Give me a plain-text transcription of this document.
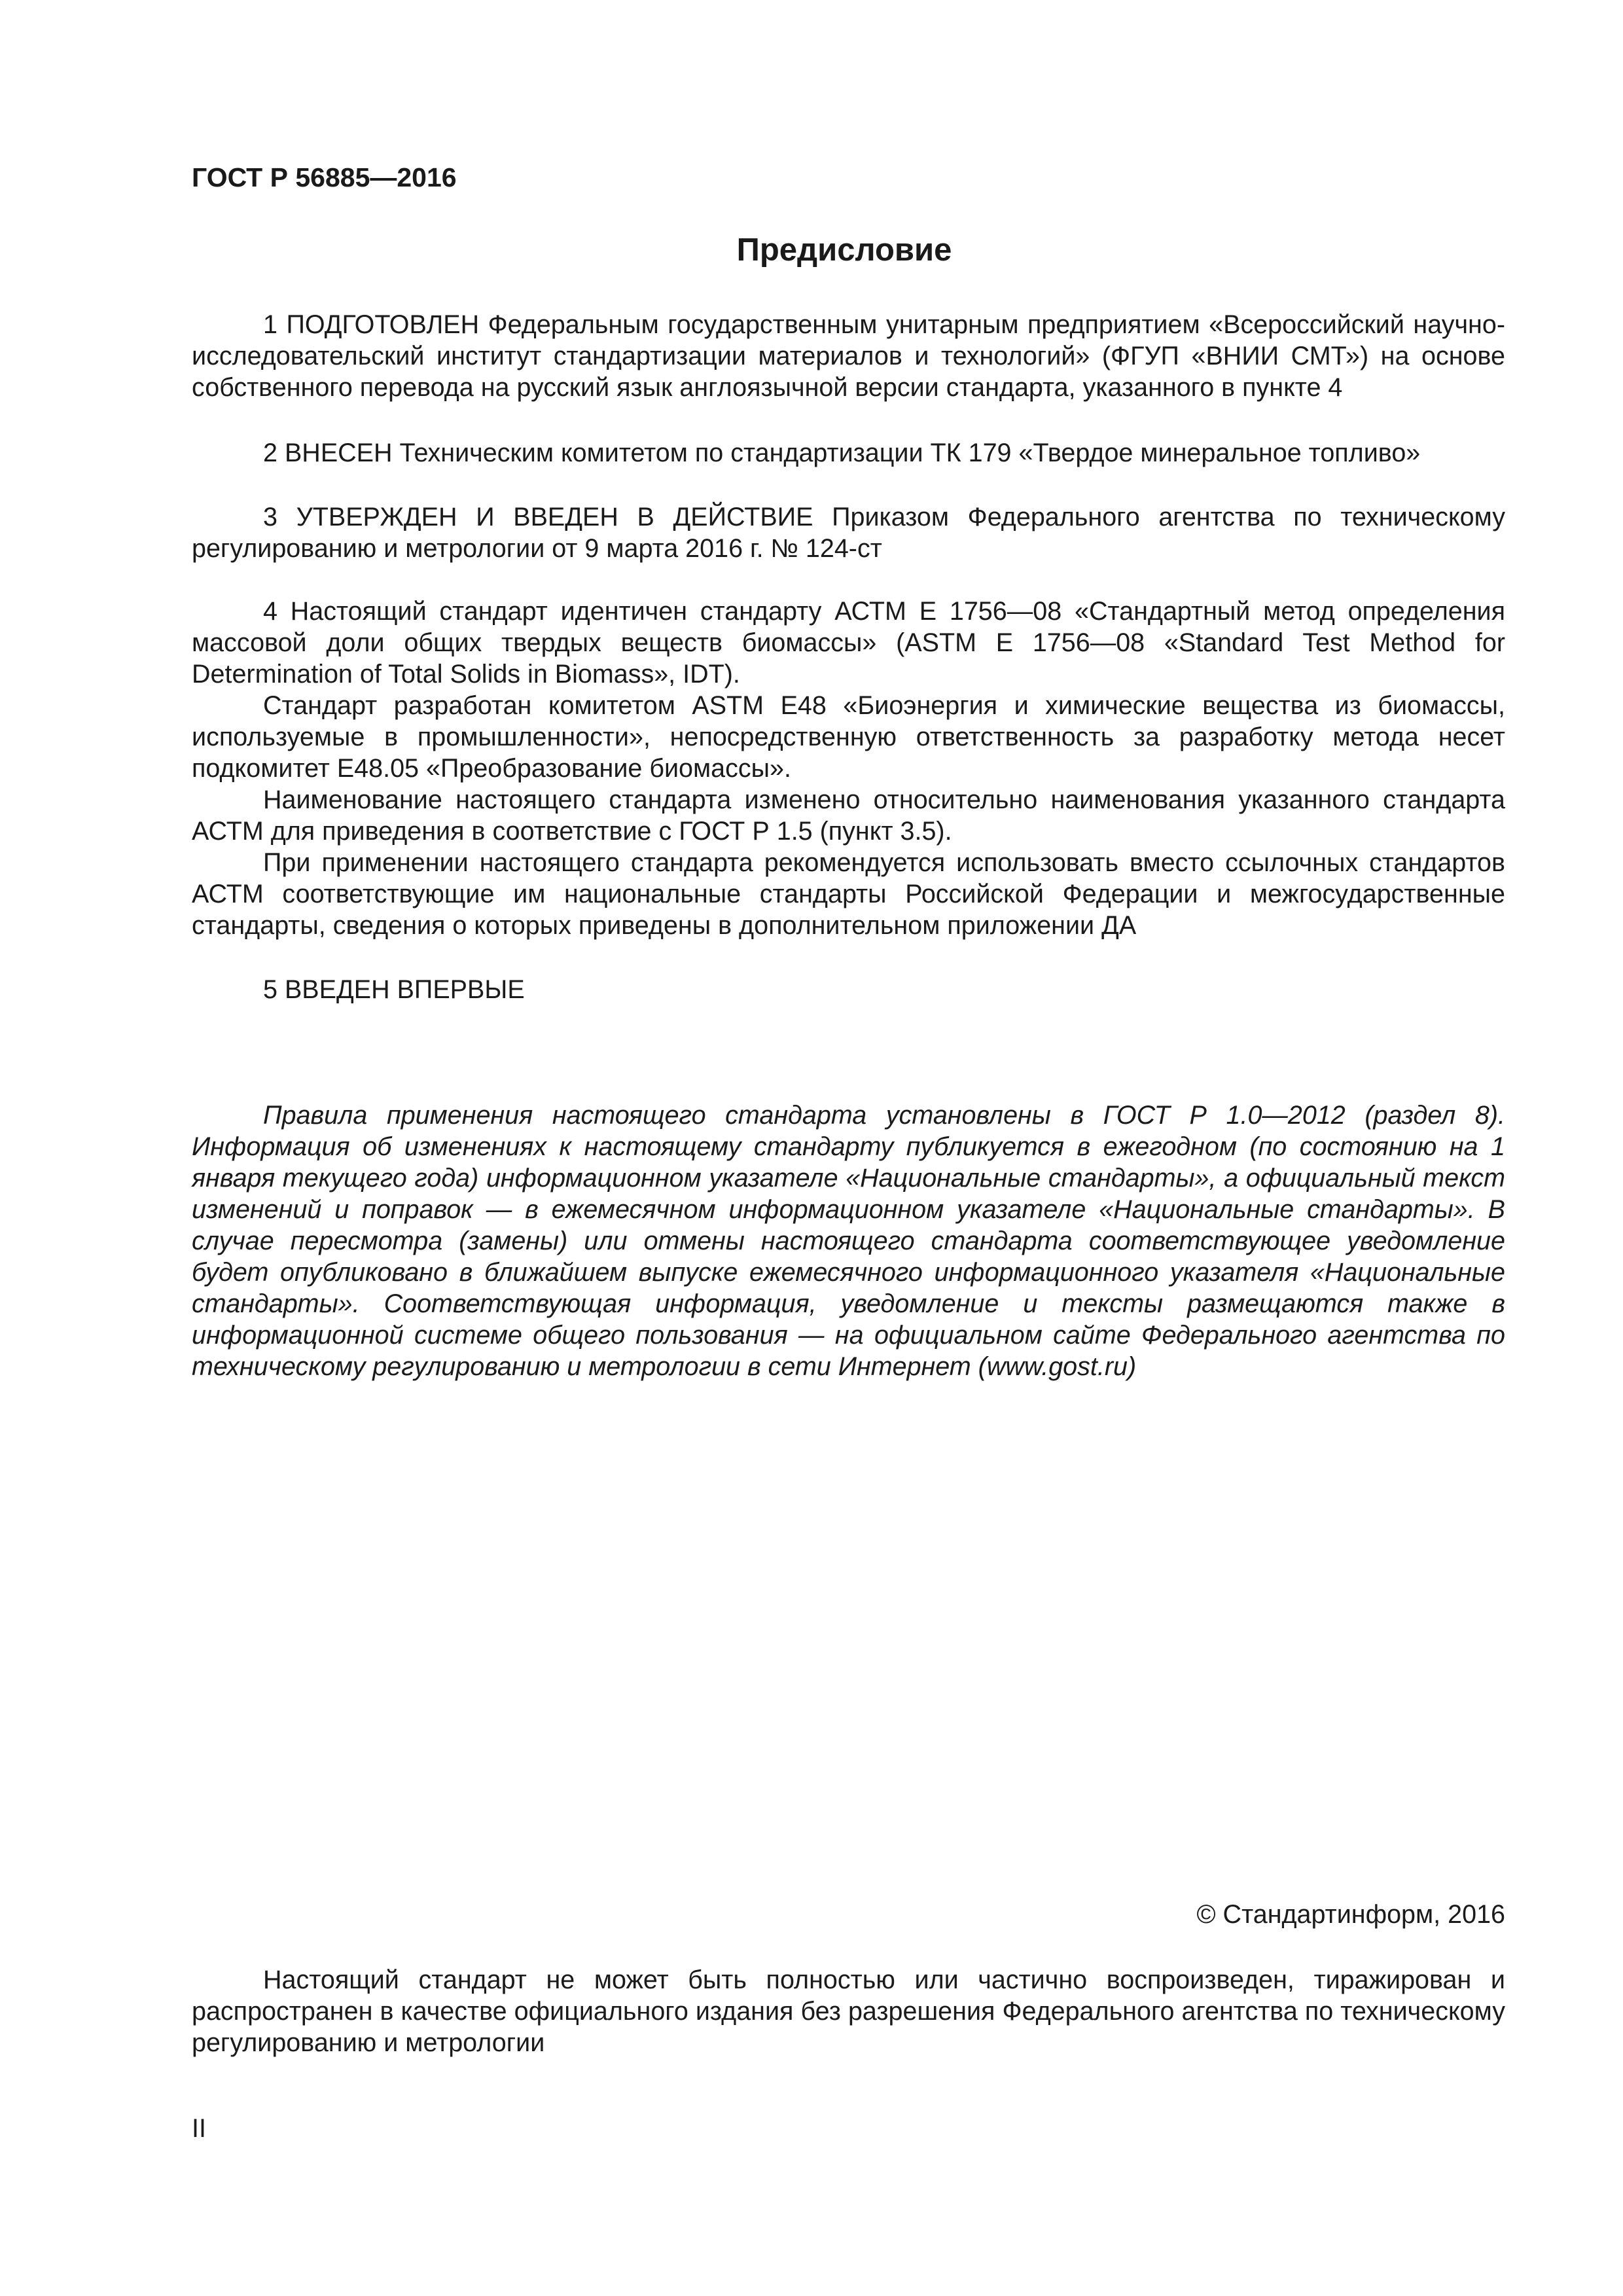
ГОСТ Р 56885—2016
Предисловие

1 ПОДГОТОВЛЕН Федеральным государственным унитарным предприятием «Всероссийский научно-исследовательский институт стандартизации материалов и технологий» (ФГУП «ВНИИ СМТ») на основе собственного перевода на русский язык англоязычной версии стандарта, указанного в пункте 4

2 ВНЕСЕН Техническим комитетом по стандартизации ТК 179 «Твердое минеральное топливо»

3 УТВЕРЖДЕН И ВВЕДЕН В ДЕЙСТВИЕ Приказом Федерального агентства по техническому регулированию и метрологии от 9 марта 2016 г. № 124-ст

4 Настоящий стандарт идентичен стандарту АСТМ Е 1756—08 «Стандартный метод определения массовой доли общих твердых веществ биомассы» (ASTM E 1756—08 «Standard Test Method for Determination of Total Solids in Biomass», IDT).

Стандарт разработан комитетом ASTM E48 «Биоэнергия и химические вещества из биомассы, используемые в промышленности», непосредственную ответственность за разработку метода несет подкомитет E48.05 «Преобразование биомассы».

Наименование настоящего стандарта изменено относительно наименования указанного стандарта АСТМ для приведения в соответствие с ГОСТ Р 1.5 (пункт 3.5).

При применении настоящего стандарта рекомендуется использовать вместо ссылочных стандартов АСТМ соответствующие им национальные стандарты Российской Федерации и межгосударственные стандарты, сведения о которых приведены в дополнительном приложении ДА

5 ВВЕДЕН ВПЕРВЫЕ

Правила применения настоящего стандарта установлены в ГОСТ Р 1.0—2012 (раздел 8). Информация об изменениях к настоящему стандарту публикуется в ежегодном (по состоянию на 1 января текущего года) информационном указателе «Национальные стандарты», а официальный текст изменений и поправок — в ежемесячном информационном указателе «Национальные стандарты». В случае пересмотра (замены) или отмены настоящего стандарта соответствующее уведомление будет опубликовано в ближайшем выпуске ежемесячного информационного указателя «Национальные стандарты». Соответствующая информация, уведомление и тексты размещаются также в информационной системе общего пользования — на официальном сайте Федерального агентства по техническому регулированию и метрологии в сети Интернет (www.gost.ru)

© Стандартинформ, 2016

Настоящий стандарт не может быть полностью или частично воспроизведен, тиражирован и распространен в качестве официального издания без разрешения Федерального агентства по техническому регулированию и метрологии

II
